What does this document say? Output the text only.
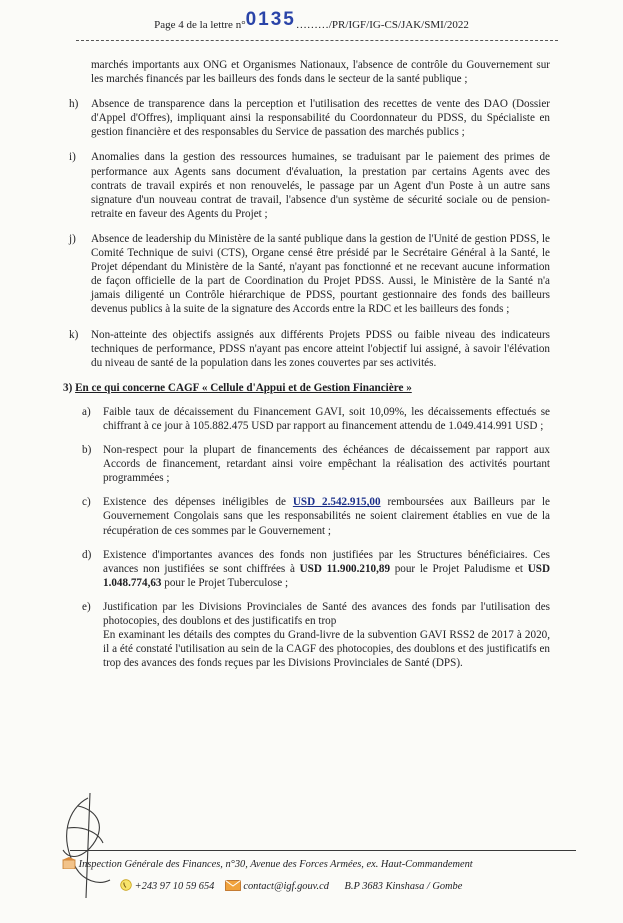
Page 4 de la lettre n°0135………/PR/IGF/IG-CS/JAK/SMI/2022

marchés importants aux ONG et Organismes Nationaux, l'absence de contrôle du Gouvernement sur les marchés financés par les bailleurs des fonds dans le secteur de la santé publique ;

h) Absence de transparence dans la perception et l'utilisation des recettes de vente des DAO (Dossier d'Appel d'Offres), impliquant ainsi la responsabilité du Coordonnateur du PDSS, du Spécialiste en gestion financière et des responsables du Service de passation des marchés publics ;
i) Anomalies dans la gestion des ressources humaines, se traduisant par le paiement des primes de performance aux Agents sans document d'évaluation, la prestation par certains Agents avec des contrats de travail expirés et non renouvelés, le passage par un Agent d'un Poste à un autre sans signature d'un nouveau contrat de travail, l'absence d'un système de sécurité sociale ou de pension-retraite en faveur des Agents du Projet ;
j) Absence de leadership du Ministère de la santé publique dans la gestion de l'Unité de gestion PDSS, le Comité Technique de suivi (CTS), Organe censé être présidé par le Secrétaire Général à la Santé, le Projet dépendant du Ministère de la Santé, n'ayant pas fonctionné et ne recevant aucune information de façon officielle de la part de Coordination du Projet PDSS. Aussi, le Ministère de la Santé n'a jamais diligenté un Contrôle hiérarchique de PDSS, pourtant gestionnaire des fonds des bailleurs devenus publics à la suite de la signature des Accords entre la RDC et les bailleurs des fonds ;
k) Non-atteinte des objectifs assignés aux différents Projets PDSS ou faible niveau des indicateurs techniques de performance, PDSS n'ayant pas encore atteint l'objectif lui assigné, à savoir l'élévation du niveau de santé de la population dans les zones couvertes par ses activités.
3) En ce qui concerne CAGF « Cellule d'Appui et de Gestion Financière »
a) Faible taux de décaissement du Financement GAVI, soit 10,09%, les décaissements effectués se chiffrant à ce jour à 105.882.475 USD par rapport au financement attendu de 1.049.414.991 USD ;
b) Non-respect pour la plupart de financements des échéances de décaissement par rapport aux Accords de financement, retardant ainsi voire empêchant la réalisation des activités pourtant programmées ;
c) Existence des dépenses inéligibles de USD 2.542.915,00 remboursées aux Bailleurs par le Gouvernement Congolais sans que les responsabilités ne soient clairement établies en vue de la récupération de ces sommes par le Gouvernement ;
d) Existence d'importantes avances des fonds non justifiées par les Structures bénéficiaires. Ces avances non justifiées se sont chiffrées à USD 11.900.210,89 pour le Projet Paludisme et USD 1.048.774,63 pour le Projet Tuberculose ;
e) Justification par les Divisions Provinciales de Santé des avances des fonds par l'utilisation des photocopies, des doublons et des justificatifs en trop
En examinant les détails des comptes du Grand-livre de la subvention GAVI RSS2 de 2017 à 2020, il a été constaté l'utilisation au sein de la CAGF des photocopies, des doublons et des justificatifs en trop des avances des fonds reçues par les Divisions Provinciales de Santé (DPS).
Inspection Générale des Finances, n°30, Avenue des Forces Armées, ex. Haut-Commandement
+243 97 10 59 654	contact@igf.gouv.cd B.P 3683 Kinshasa / Gombe
